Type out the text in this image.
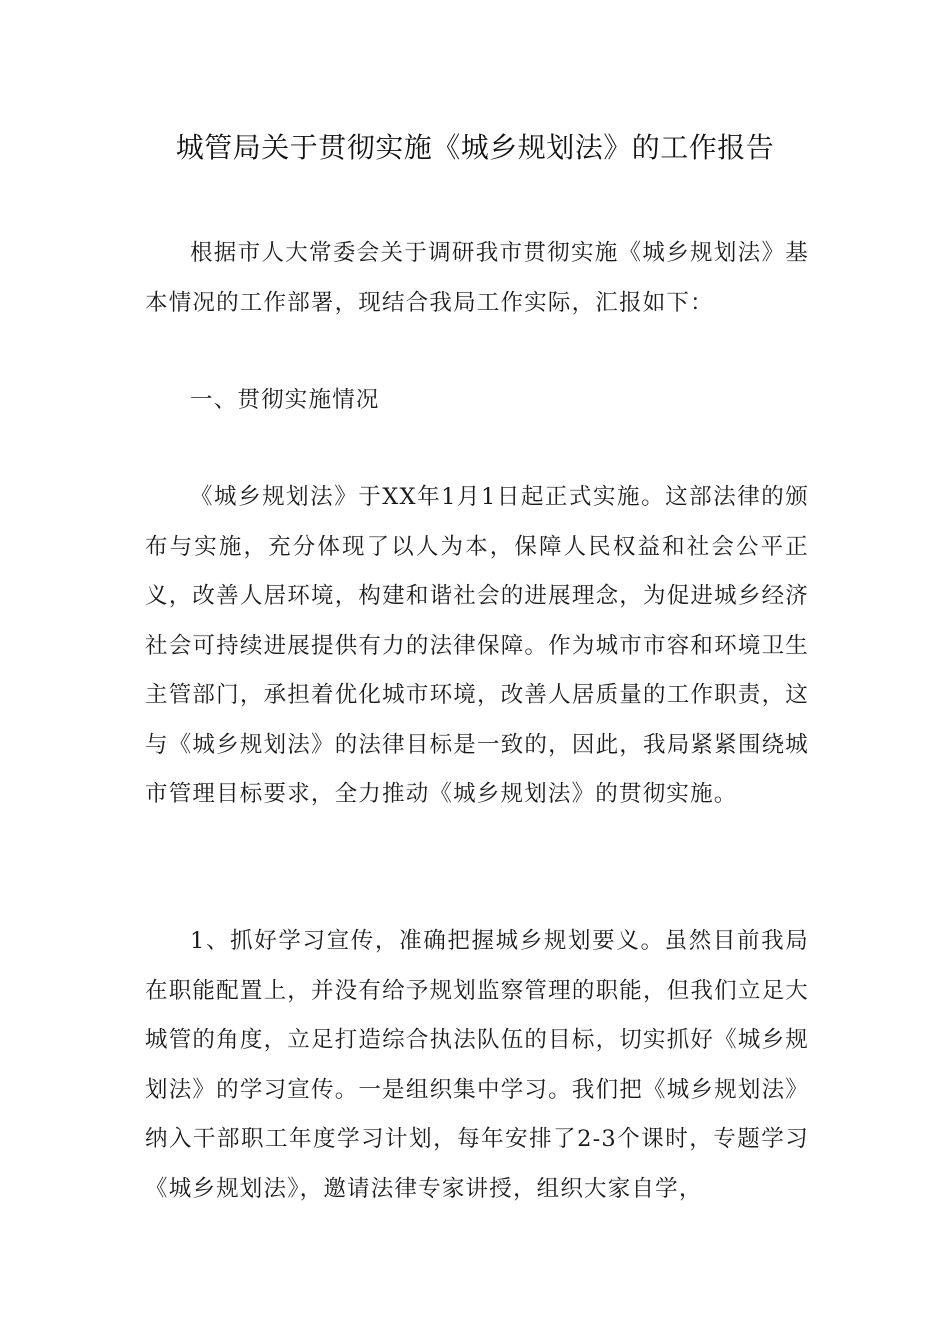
城管局关于贯彻实施《城乡规划法》的工作报告

根据市人大常委会关于调研我市贯彻实施《城乡规划法》基本情况的工作部署，现结合我局工作实际，汇报如下：

一、贯彻实施情况

《城乡规划法》于XX年1月1日起正式实施。这部法律的颁布与实施，充分体现了以人为本，保障人民权益和社会公平正义，改善人居环境，构建和谐社会的进展理念，为促进城乡经济社会可持续进展提供有力的法律保障。作为城市市容和环境卫生主管部门，承担着优化城市环境，改善人居质量的工作职责，这与《城乡规划法》的法律目标是一致的，因此，我局紧紧围绕城市管理目标要求，全力推动《城乡规划法》的贯彻实施。

1、抓好学习宣传，准确把握城乡规划要义。虽然目前我局在职能配置上，并没有给予规划监察管理的职能，但我们立足大城管的角度，立足打造综合执法队伍的目标，切实抓好《城乡规划法》的学习宣传。一是组织集中学习。我们把《城乡规划法》纳入干部职工年度学习计划，每年安排了2-3个课时，专题学习《城乡规划法》，邀请法律专家讲授，组织大家自学，
